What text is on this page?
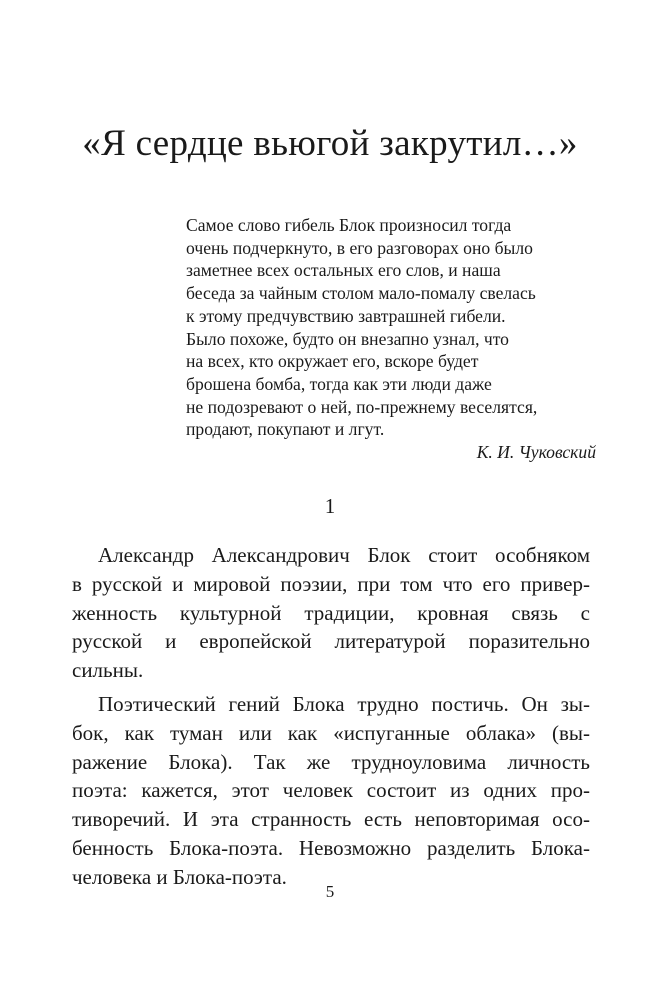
«Я сердце вьюгой закрутил…»
Самое слово гибель Блок произносил тогда
очень подчеркнуто, в его разговорах оно было
заметнее всех остальных его слов, и наша
беседа за чайным столом мало-помалу свелась
к этому предчувствию завтрашней гибели.
Было похоже, будто он внезапно узнал, что
на всех, кто окружает его, вскоре будет
брошена бомба, тогда как эти люди даже
не подозревают о ней, по-прежнему веселятся,
продают, покупают и лгут.
К. И. Чуковский
1
Александр Александрович Блок стоит особняком
в русской и мировой поэзии, при том что его привер-
женность культурной традиции, кровная связь с
русской и европейской литературой поразительно
сильны.
Поэтический гений Блока трудно постичь. Он зы-
бок, как туман или как «испуганные облака» (вы-
ражение Блока). Так же трудноуловима личность
поэта: кажется, этот человек состоит из одних про-
тиворечий. И эта странность есть неповторимая осо-
бенность Блока-поэта. Невозможно разделить Блока-
человека и Блока-поэта.
5
